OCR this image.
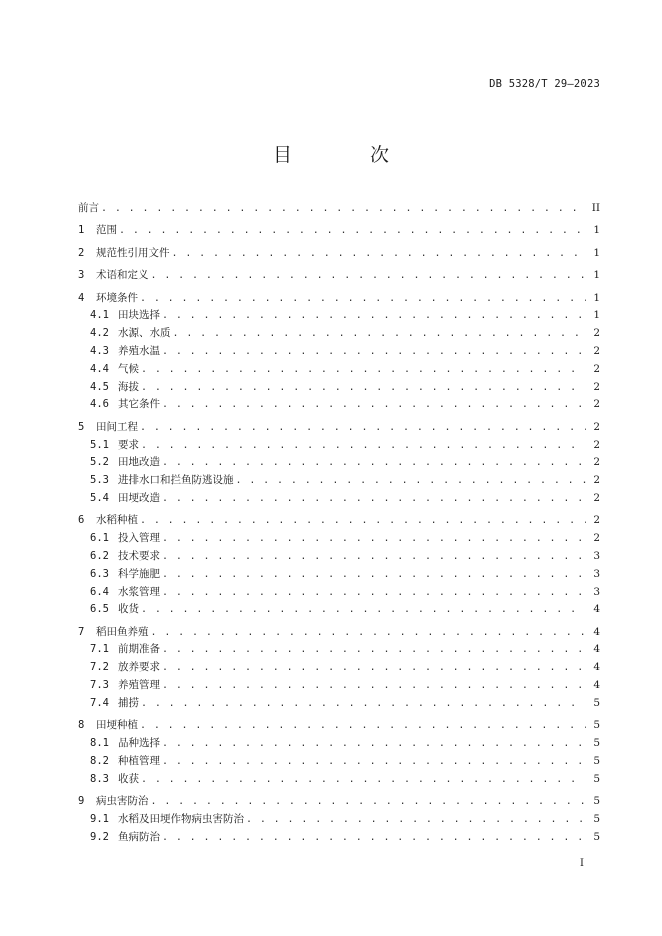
DB 5328/T 29—2023
目 次
前言 . . .	II
1	范围 . . .	1
2	规范性引用文件 . . .	1
3	术语和定义 . . .	1
4	环境条件 . . .	1
4.1 田块选择 . . .	1
4.2 水源、水质 . . .	2
4.3 养殖水温 . . .	2
4.4 气候 . . .	2
4.5 海拔 . . .	2
4.6 其它条件 . . .	2
5	田间工程 . . .	2
5.1 要求 . . .	2
5.2 田地改造 . . .	2
5.3 进排水口和拦鱼防逃设施 . . .	2
5.4 田埂改造 . . .	2
6	水稻种植 . . .	2
6.1 投入管理 . . .	2
6.2 技术要求 . . .	3
6.3 科学施肥 . . .	3
6.4 水浆管理 . . .	3
6.5 收货 . . .	4
7	稻田鱼养殖 . . .	4
7.1 前期准备 . . .	4
7.2 放养要求 . . .	4
7.3 养殖管理 . . .	4
7.4 捕捞 . . .	5
8	田埂种植 . . .	5
8.1 品种选择 . . .	5
8.2 种植管理 . . .	5
8.3 收获 . . .	5
9	病虫害防治 . . .	5
9.1 水稻及田埂作物病虫害防治 . . .	5
9.2 鱼病防治 . . .	5
I
